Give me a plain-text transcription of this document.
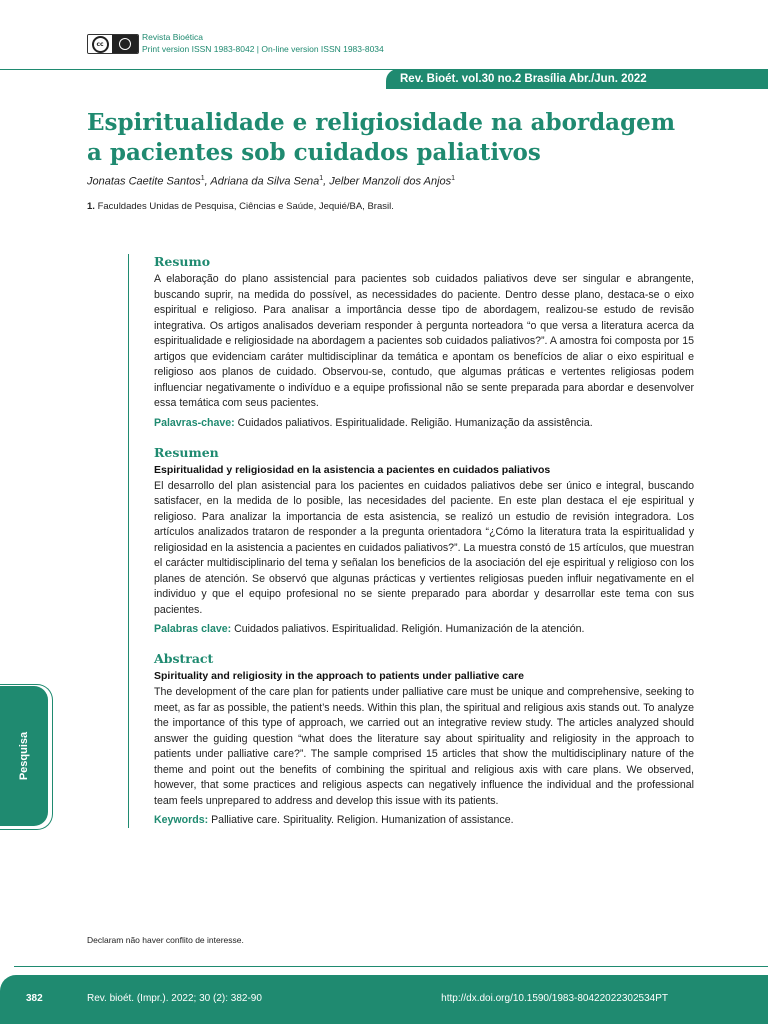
cc
Revista Bioética
Print version ISSN 1983-8042 | On-line version ISSN 1983-8034
Rev. Bioét. vol.30 no.2 Brasília Abr./Jun. 2022
Espiritualidade e religiosidade na abordagem a pacientes sob cuidados paliativos
Jonatas Caetite Santos$^1$, Adriana da Silva Sena$^1$, Jelber Manzoli dos Anjos$^1$
1. Faculdades Unidas de Pesquisa, Ciências e Saúde, Jequié/BA, Brasil.
Resumo

A elaboração do plano assistencial para pacientes sob cuidados paliativos deve ser singular e abrangente, buscando suprir, na medida do possível, as necessidades do paciente. Dentro desse plano, destaca-se o eixo espiritual e religioso. Para analisar a importância desse tipo de abordagem, realizou-se estudo de revisão integrativa. Os artigos analisados deveriam responder à pergunta norteadora “o que versa a literatura acerca da espiritualidade e religiosidade na abordagem a pacientes sob cuidados paliativos?”. A amostra foi composta por 15 artigos que evidenciam caráter multidisciplinar da temática e apontam os benefícios de aliar o eixo espiritual e religioso aos planos de cuidado. Observou-se, contudo, que algumas práticas e vertentes religiosas podem influenciar negativamente o indivíduo e a equipe profissional não se sente preparada para abordar e desenvolver essa temática com seus pacientes.

Palavras-chave: Cuidados paliativos. Espiritualidade. Religião. Humanização da assistência.

Resumen

Espiritualidad y religiosidad en la asistencia a pacientes en cuidados paliativos

El desarrollo del plan asistencial para los pacientes en cuidados paliativos debe ser único e integral, buscando satisfacer, en la medida de lo posible, las necesidades del paciente. En este plan destaca el eje espiritual y religioso. Para analizar la importancia de esta asistencia, se realizó un estudio de revisión integradora. Los artículos analizados trataron de responder a la pregunta orientadora “¿Cómo la literatura trata la espiritualidad y religiosidad en la asistencia a pacientes en cuidados paliativos?”. La muestra constó de 15 artículos, que muestran el carácter multidisciplinario del tema y señalan los beneficios de la asociación del eje espiritual y religioso con los planes de atención. Se observó que algunas prácticas y vertientes religiosas pueden influir negativamente en el individuo y que el equipo profesional no se siente preparado para abordar y desarrollar este tema con sus pacientes.

Palabras clave: Cuidados paliativos. Espiritualidad. Religión. Humanización de la atención.

Abstract

Spirituality and religiosity in the approach to patients under palliative care

The development of the care plan for patients under palliative care must be unique and comprehensive, seeking to meet, as far as possible, the patient’s needs. Within this plan, the spiritual and religious axis stands out. To analyze the importance of this type of approach, we carried out an integrative review study. The articles analyzed should answer the guiding question “what does the literature say about spirituality and religiosity in the approach to patients under palliative care?”. The sample comprised 15 articles that show the multidisciplinary nature of the theme and point out the benefits of combining the spiritual and religious axis with care plans. We observed, however, that some practices and religious aspects can negatively influence the individual and the professional team feels unprepared to address and develop this issue with its patients.

Keywords: Palliative care. Spirituality. Religion. Humanization of assistance.

Pesquisa
Declaram não haver conflito de interesse.
382	Rev. bioét. (Impr.). 2022; 30 (2): 382-90	http://dx.doi.org/10.1590/1983-80422022302534PT
